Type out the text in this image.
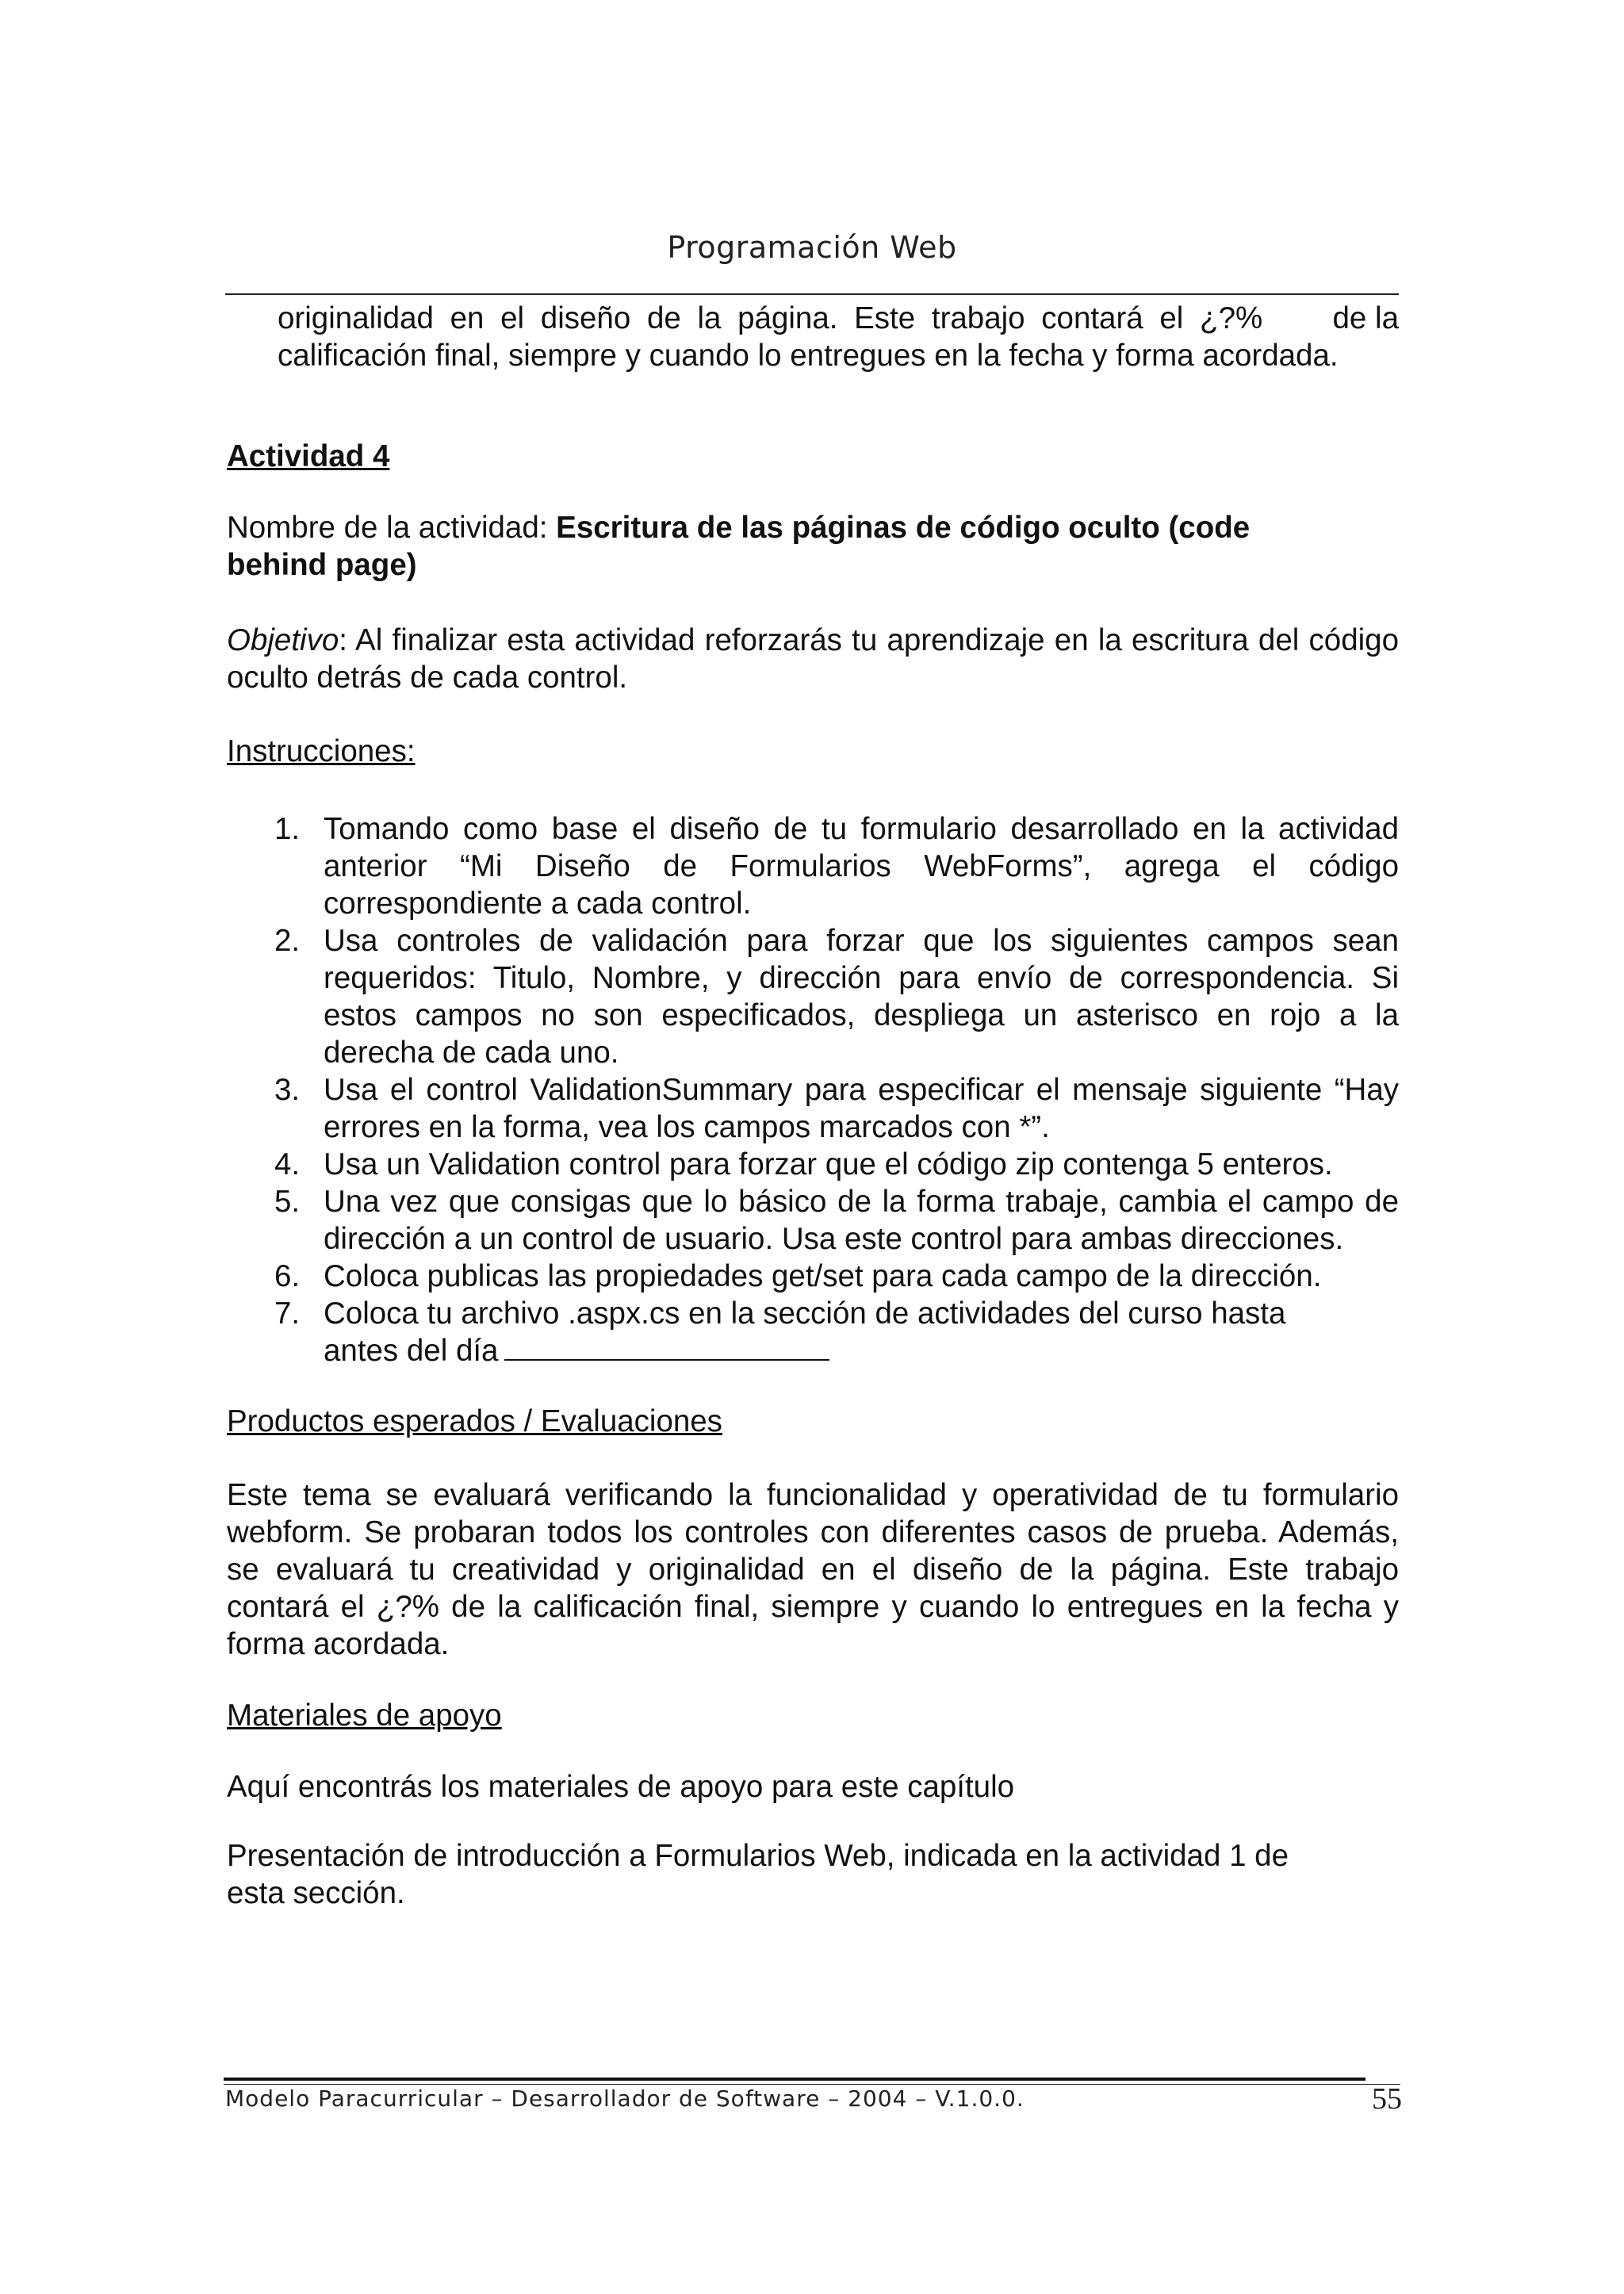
Programación Web
originalidad en el diseño de la página. Este trabajo contará el ¿?% de la
calificación final, siempre y cuando lo entregues en la fecha y forma acordada.

Actividad 4

Nombre de la actividad: Escritura de las páginas de código oculto (code behind page)

Objetivo: Al finalizar esta actividad reforzarás tu aprendizaje en la escritura del código oculto detrás de cada control.

Instrucciones:

1. Tomando como base el diseño de tu formulario desarrollado en la actividad anterior “Mi Diseño de Formularios WebForms”, agrega el código correspondiente a cada control.
2. Usa controles de validación para forzar que los siguientes campos sean requeridos: Titulo, Nombre, y dirección para envío de correspondencia. Si estos campos no son especificados, despliega un asterisco en rojo a la derecha de cada uno.
3. Usa el control ValidationSummary para especificar el mensaje siguiente “Hay errores en la forma, vea los campos marcados con *”.
4. Usa un Validation control para forzar que el código zip contenga 5 enteros.
5. Una vez que consigas que lo básico de la forma trabaje, cambia el campo de dirección a un control de usuario. Usa este control para ambas direcciones.
6. Coloca publicas las propiedades get/set para cada campo de la dirección.
7. Coloca tu archivo .aspx.cs en la sección de actividades del curso hasta
antes del día

Productos esperados / Evaluaciones

Este tema se evaluará verificando la funcionalidad y operatividad de tu formulario webform. Se probaran todos los controles con diferentes casos de prueba. Además, se evaluará tu creatividad y originalidad en el diseño de la página. Este trabajo contará el ¿?% de la calificación final, siempre y cuando lo entregues en la fecha y forma acordada.

Materiales de apoyo

Aquí encontrás los materiales de apoyo para este capítulo

Presentación de introducción a Formularios Web, indicada en la actividad 1 de esta sección.

Modelo Paracurricular – Desarrollador de Software – 2004 – V.1.0.0.	55
